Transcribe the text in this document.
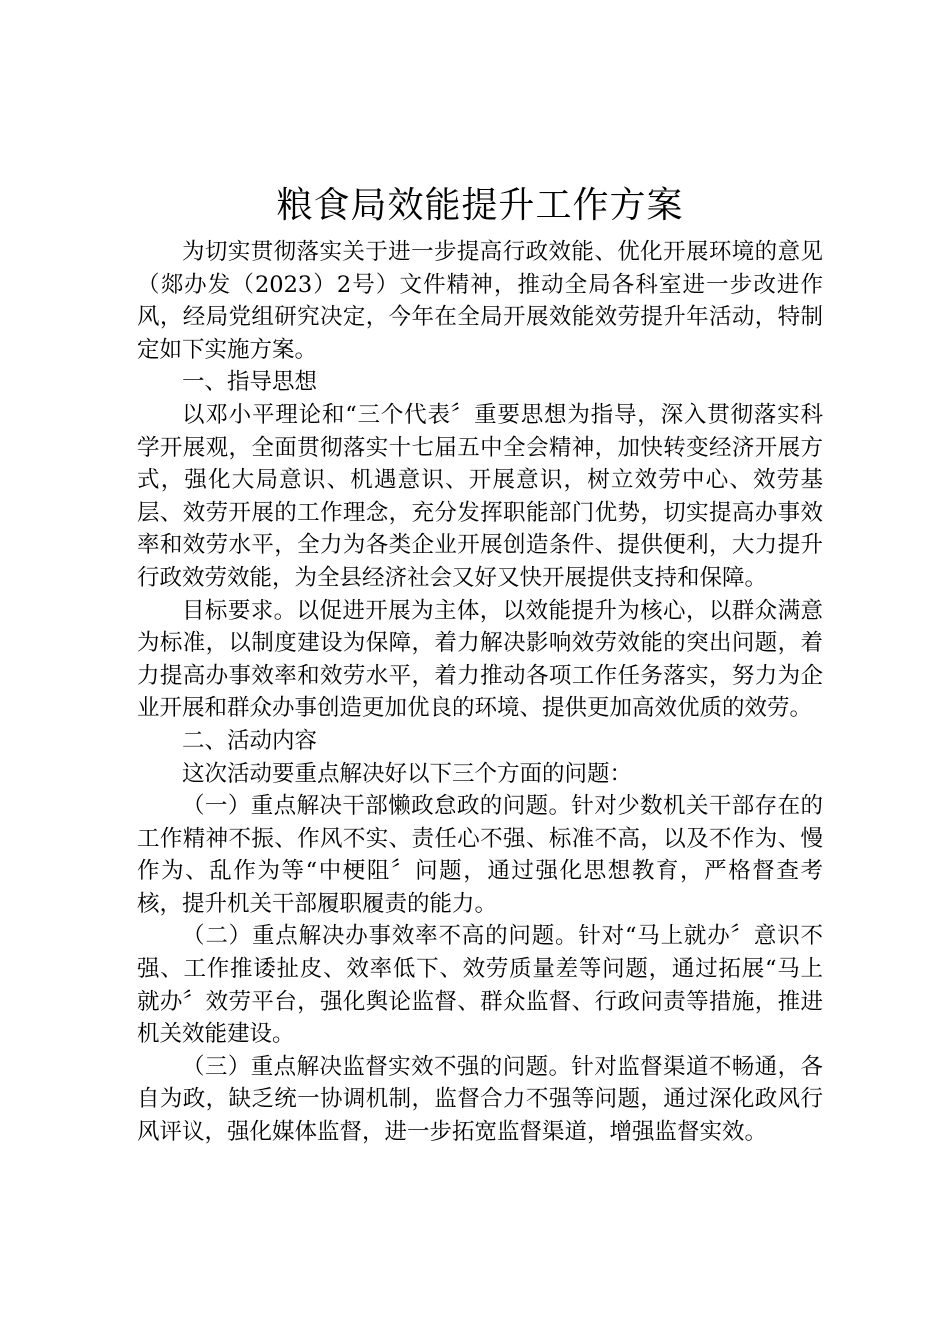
粮食局效能提升工作方案

为切实贯彻落实关于进一步提高行政效能、优化开展环境的意见（郯办发（2023）2号）文件精神，推动全局各科室进一步改进作风，经局党组研究决定，今年在全局开展效能效劳提升年活动，特制定如下实施方案。

一、指导思想

以邓小平理论和“三个代表〞重要思想为指导，深入贯彻落实科学开展观，全面贯彻落实十七届五中全会精神，加快转变经济开展方式，强化大局意识、机遇意识、开展意识，树立效劳中心、效劳基层、效劳开展的工作理念，充分发挥职能部门优势，切实提高办事效率和效劳水平，全力为各类企业开展创造条件、提供便利，大力提升行政效劳效能，为全县经济社会又好又快开展提供支持和保障。

目标要求。以促进开展为主体，以效能提升为核心，以群众满意为标准，以制度建设为保障，着力解决影响效劳效能的突出问题，着力提高办事效率和效劳水平，着力推动各项工作任务落实，努力为企业开展和群众办事创造更加优良的环境、提供更加高效优质的效劳。

二、活动内容

这次活动要重点解决好以下三个方面的问题：

（一）重点解决干部懒政怠政的问题。针对少数机关干部存在的工作精神不振、作风不实、责任心不强、标准不高，以及不作为、慢作为、乱作为等“中梗阻〞问题，通过强化思想教育，严格督查考核，提升机关干部履职履责的能力。

（二）重点解决办事效率不高的问题。针对“马上就办〞意识不强、工作推诿扯皮、效率低下、效劳质量差等问题，通过拓展“马上就办〞效劳平台，强化舆论监督、群众监督、行政问责等措施，推进机关效能建设。

（三）重点解决监督实效不强的问题。针对监督渠道不畅通，各自为政，缺乏统一协调机制，监督合力不强等问题，通过深化政风行风评议，强化媒体监督，进一步拓宽监督渠道，增强监督实效。
